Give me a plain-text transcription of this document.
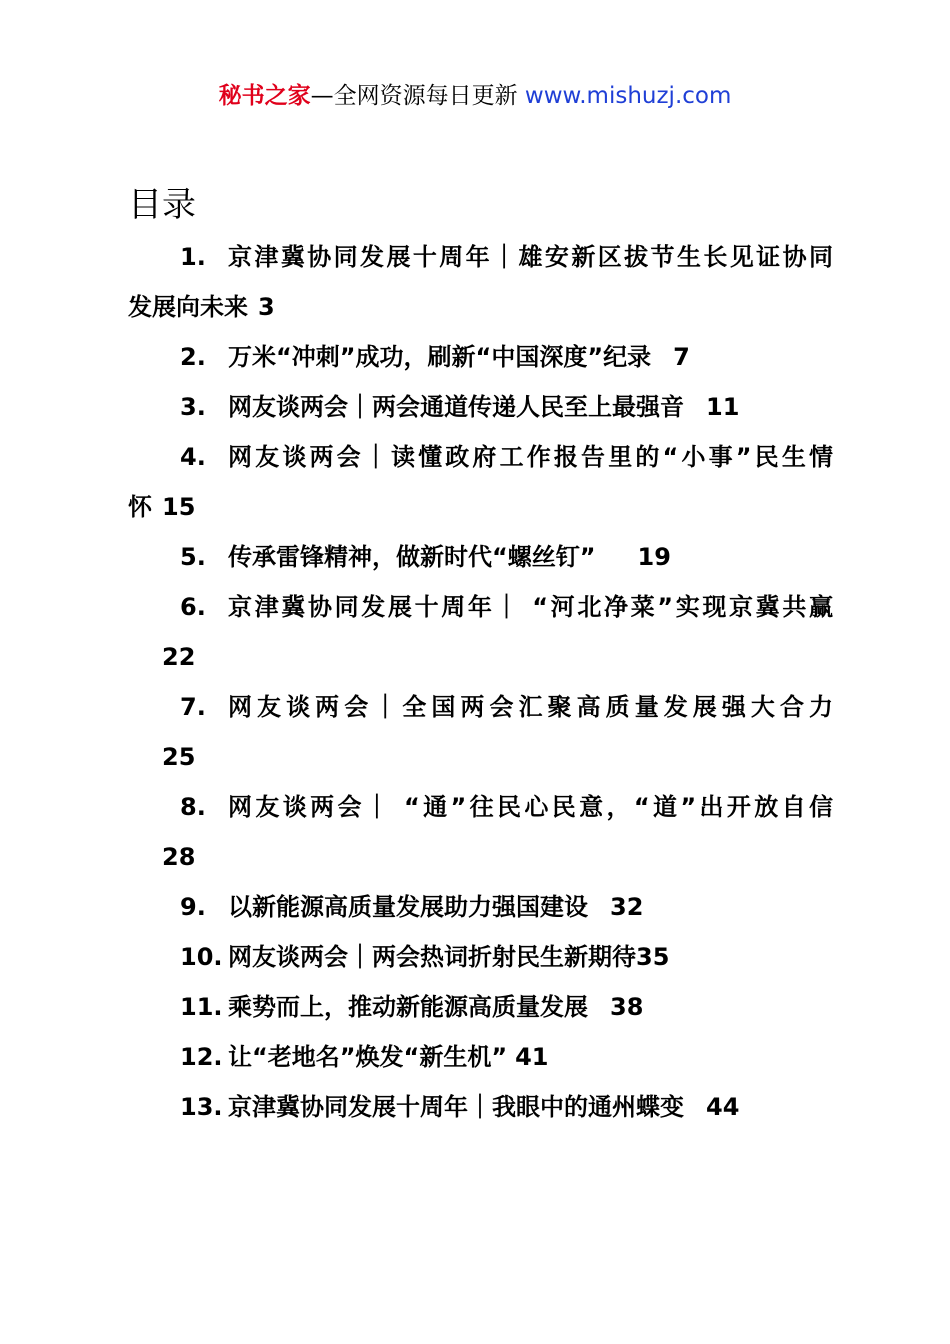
秘书之家—全网资源每日更新 www.mishuzj.com
目录
1. 京津冀协同发展十周年｜雄安新区拔节生长见证协同
发展向未来 3
2. 万米“冲刺”成功，刷新“中国深度”纪录 7
3. 网友谈两会｜两会通道传递人民至上最强音 11
4. 网友谈两会｜读懂政府工作报告里的“小事”民生情
怀 15
5. 传承雷锋精神，做新时代“螺丝钉” 19
6. 京津冀协同发展十周年｜ “河北净菜”实现京冀共赢
22
7. 网友谈两会｜全国两会汇聚高质量发展强大合力
25
8. 网友谈两会｜ “通”往民心民意，“道”出开放自信
28
9. 以新能源高质量发展助力强国建设 32
10. 网友谈两会｜两会热词折射民生新期待35
11. 乘势而上，推动新能源高质量发展 38
12. 让“老地名”焕发“新生机” 41
13. 京津冀协同发展十周年｜我眼中的通州蝶变 44
